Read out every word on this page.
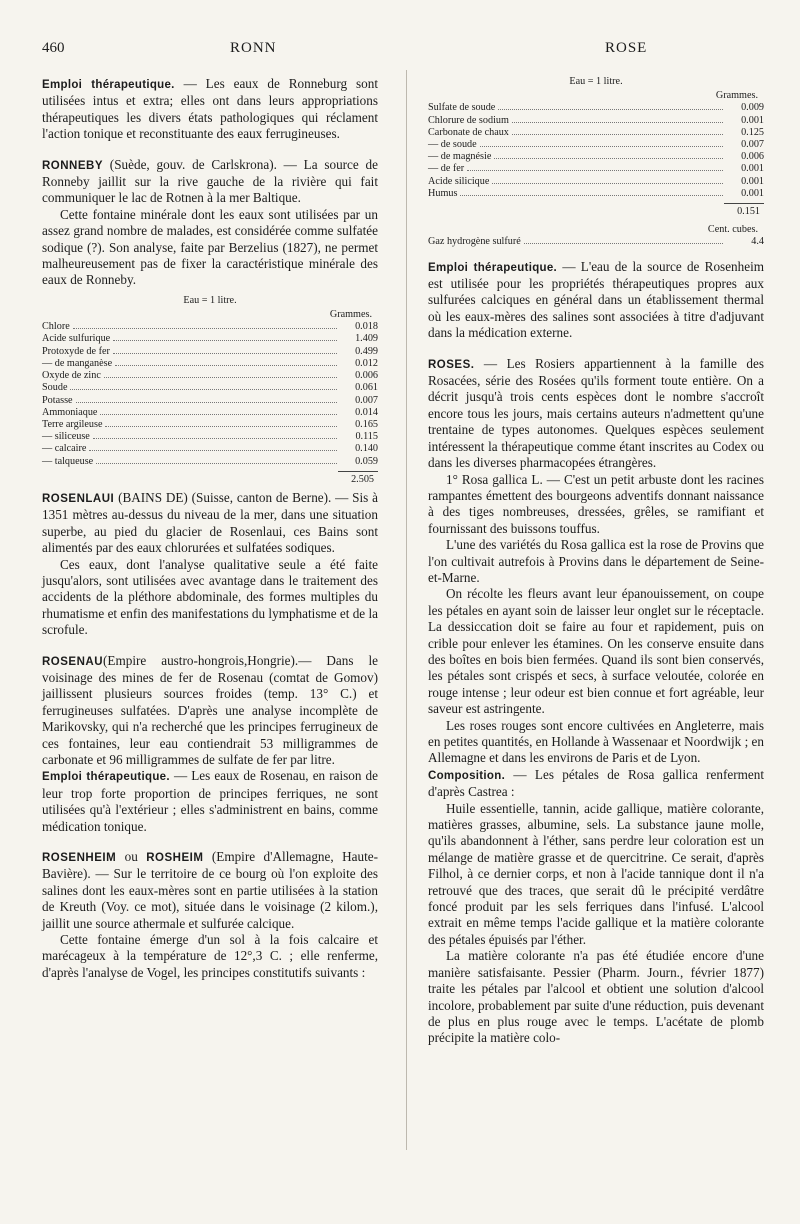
460	RONN	ROSE

Emploi thérapeutique. — Les eaux de Ronneburg sont utilisées intus et extra; elles ont dans leurs appropriations thérapeutiques les divers états pathologiques qui réclament l'action tonique et reconstituante des eaux ferrugineuses.

RONNEBY (Suède, gouv. de Carlskrona). — La source de Ronneby jaillit sur la rive gauche de la rivière qui fait communiquer le lac de Rotnen à la mer Baltique.

Cette fontaine minérale dont les eaux sont utilisées par un assez grand nombre de malades, est considérée comme sulfatée sodique (?). Son analyse, faite par Berzelius (1827), ne permet malheureusement pas de fixer la caractéristique minérale des eaux de Ronneby.

Eau = 1 litre.
Grammes.
Chlore	0.018
Acide sulfurique	1.409
Protoxyde de fer	0.499
— de manganèse	0.012
Oxyde de zinc	0.006
Soude	0.061
Potasse	0.007
Ammoniaque	0.014
Terre argileuse	0.165
— siliceuse	0.115
— calcaire	0.140
— talqueuse	0.059
2.505

ROSENLAUI (BAINS DE) (Suisse, canton de Berne). — Sis à 1351 mètres au-dessus du niveau de la mer, dans une situation superbe, au pied du glacier de Rosenlaui, ces Bains sont alimentés par des eaux chlorurées et sulfatées sodiques.

Ces eaux, dont l'analyse qualitative seule a été faite jusqu'alors, sont utilisées avec avantage dans le traitement des accidents de la pléthore abdominale, des formes multiples du rhumatisme et enfin des manifestations du lymphatisme et de la scrofule.

ROSENAU(Empire austro-hongrois,Hongrie).— Dans le voisinage des mines de fer de Rosenau (comtat de Gomov) jaillissent plusieurs sources froides (temp. 13° C.) et ferrugineuses sulfatées. D'après une analyse incomplète de Marikovsky, qui n'a recherché que les principes ferrugineux de ces fontaines, leur eau contiendrait 53 milligrammes de carbonate et 96 milligrammes de sulfate de fer par litre.

Emploi thérapeutique. — Les eaux de Rosenau, en raison de leur trop forte proportion de principes ferriques, ne sont utilisées qu'à l'extérieur ; elles s'administrent en bains, comme médication tonique.

ROSENHEIM ou ROSHEIM (Empire d'Allemagne, Haute-Bavière). — Sur le territoire de ce bourg où l'on exploite des salines dont les eaux-mères sont en partie utilisées à la station de Kreuth (Voy. ce mot), située dans le voisinage (2 kilom.), jaillit une source athermale et sulfurée calcique.

Cette fontaine émerge d'un sol à la fois calcaire et marécageux à la température de 12°,3 C. ; elle renferme, d'après l'analyse de Vogel, les principes constitutifs suivants :

Eau = 1 litre.
Grammes.
Sulfate de soude	0.009
Chlorure de sodium	0.001
Carbonate de chaux	0.125
— de soude	0.007
— de magnésie	0.006
— de fer	0.001
Acide silicique	0.001
Humus	0.001
0.151
Cent. cubes.
Gaz hydrogène sulfuré	4.4

Emploi thérapeutique. — L'eau de la source de Rosenheim est utilisée pour les propriétés thérapeutiques propres aux sulfurées calciques en général dans un établissement thermal où les eaux-mères des salines sont associées à titre d'adjuvant dans la médication externe.

ROSES. — Les Rosiers appartiennent à la famille des Rosacées, série des Rosées qu'ils forment toute entière. On a décrit jusqu'à trois cents espèces dont le nombre s'accroît encore tous les jours, mais certains auteurs n'admettent qu'une trentaine de types autonomes. Quelques espèces seulement intéressent la thérapeutique comme étant inscrites au Codex ou dans les diverses pharmacopées étrangères.

1° Rosa gallica L. — C'est un petit arbuste dont les racines rampantes émettent des bourgeons adventifs donnant naissance à des tiges nombreuses, dressées, grêles, se ramifiant et fournissant des buissons touffus.

L'une des variétés du Rosa gallica est la rose de Provins que l'on cultivait autrefois à Provins dans le département de Seine-et-Marne.

On récolte les fleurs avant leur épanouissement, on coupe les pétales en ayant soin de laisser leur onglet sur le réceptacle. La dessiccation doit se faire au four et rapidement, puis on crible pour enlever les étamines. On les conserve ensuite dans des boîtes en bois bien fermées. Quand ils sont bien conservés, les pétales sont crispés et secs, à surface veloutée, colorée en rouge intense ; leur odeur est bien connue et fort agréable, leur saveur est astringente.

Les roses rouges sont encore cultivées en Angleterre, mais en petites quantités, en Hollande à Wassenaar et Noordwijk ; en Allemagne et dans les environs de Paris et de Lyon.

Composition. — Les pétales de Rosa gallica renferment d'après Castrea :

Huile essentielle, tannin, acide gallique, matière colorante, matières grasses, albumine, sels. La substance jaune molle, qu'ils abandonnent à l'éther, sans perdre leur coloration est un mélange de matière grasse et de quercitrine. Ce serait, d'après Filhol, à ce dernier corps, et non à l'acide tannique dont il n'a retrouvé que des traces, que serait dû le précipité verdâtre foncé produit par les sels ferriques dans l'infusé. L'alcool extrait en même temps l'acide gallique et la matière colorante des pétales épuisés par l'éther.

La matière colorante n'a pas été étudiée encore d'une manière satisfaisante. Pessier (Pharm. Journ., février 1877) traite les pétales par l'alcool et obtient une solution d'alcool incolore, probablement par suite d'une réduction, puis devenant de plus en plus rouge avec le temps. L'acétate de plomb précipite la matière colo-
